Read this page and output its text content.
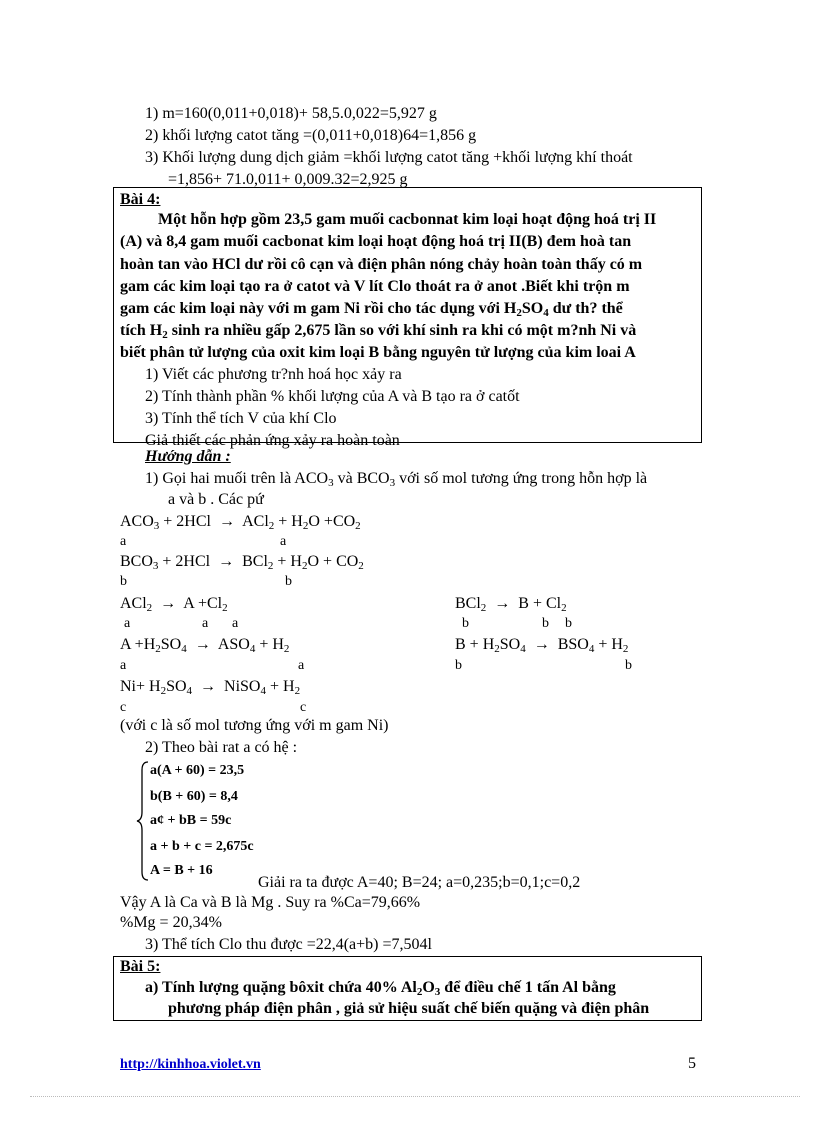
1) m=160(0,011+0,018)+ 58,5.0,022=5,927 g
2) khối lượng catot tăng =(0,011+0,018)64=1,856 g
3) Khối lượng dung dịch giảm =khối lượng catot tăng +khối lượng khí thoát
=1,856+ 71.0,011+ 0,009.32=2,925 g
Bài 4:
Một hỗn hợp gồm 23,5 gam muối cacbonnat kim loại hoạt động hoá trị II
(A) và 8,4 gam muối cacbonat kim loại hoạt động hoá trị II(B) đem hoà tan
hoàn tan vào HCl dư rồi cô cạn và điện phân nóng chảy hoàn toàn thấy có m
gam các kim loại tạo ra ở catot và V lít Clo thoát ra ở anot .Biết khi trộn m
gam các kim loại này với m gam Ni rồi cho tác dụng với $H_2SO_4$ dư th? thể
tích $H_2$ sinh ra nhiều gấp 2,675 lần so với khí sinh ra khi có một m?nh Ni và
biết phân tử lượng của oxit kim loại B bằng nguyên tử lượng của kim loai A
1) Viết các phương tr?nh hoá học xảy ra
2) Tính thành phần % khối lượng của A và B tạo ra ở catốt
3) Tính thể tích V của khí Clo
Giả thiết các phản ứng xảy ra hoàn toàn
Hướng dẫn :
1) Gọi hai muối trên là $ACO_3$ và $BCO_3$ với số mol tương ứng trong hỗn hợp là
a và b . Các pứ
$ACO_3 + 2HCl \to ACl_2 + H_2O +CO_2$
a	a
$BCO_3 + 2HCl \to BCl_2 + H_2O + CO_2$
b	b
$ACl_2 \to A +Cl_2$	$BCl_2 \to B + Cl_2$
a	a a	b	b b
$A +H_2SO_4 \to ASO_4 + H_2$	$B + H_2SO_4 \to BSO_4 + H_2$
a	a	b	b
$Ni+ H_2SO_4$ → NiSO$_4$ + $H_2$
c	c
(với c là số mol tương ứng với m gam Ni)
2) Theo bài rat a có hệ :
a(A + 60) = 23,5
b(B + 60) = 8,4
a¢ + bB = 59c
a + b + c = 2,675c
A = B + 16
Giải ra ta được A=40; B=24; a=0,235;b=0,1;c=0,2
Vậy A là Ca và B là Mg . Suy ra %Ca=79,66%
%Mg = 20,34%
3) Thể tích Clo thu được =22,4(a+b) =7,504l
Bài 5:
a) Tính lượng quặng bôxit chứa 40% $Al_2O_3$ để điều chế 1 tấn Al bằng
phương pháp điện phân , giả sử hiệu suất chế biến quặng và điện phân
http://kinhhoa.violet.vn	5
